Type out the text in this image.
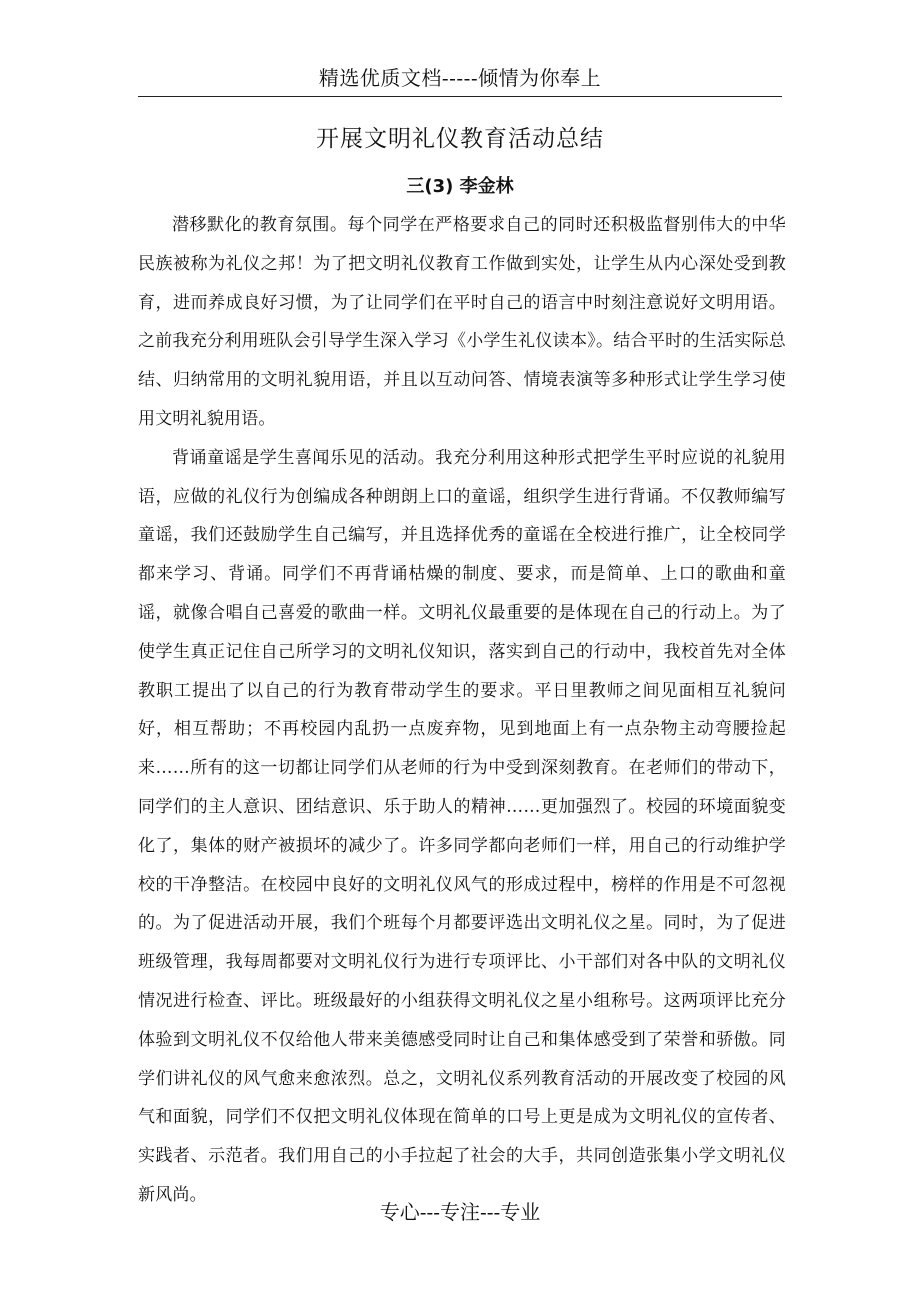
精选优质文档-----倾情为你奉上
开展文明礼仪教育活动总结
三(3) 李金林

潜移默化的教育氛围。每个同学在严格要求自己的同时还积极监督别伟大的中华民族被称为礼仪之邦！为了把文明礼仪教育工作做到实处，让学生从内心深处受到教育，进而养成良好习惯，为了让同学们在平时自己的语言中时刻注意说好文明用语。之前我充分利用班队会引导学生深入学习《小学生礼仪读本》。结合平时的生活实际总结、归纳常用的文明礼貌用语，并且以互动问答、情境表演等多种形式让学生学习使用文明礼貌用语。

背诵童谣是学生喜闻乐见的活动。我充分利用这种形式把学生平时应说的礼貌用语，应做的礼仪行为创编成各种朗朗上口的童谣，组织学生进行背诵。不仅教师编写童谣，我们还鼓励学生自己编写，并且选择优秀的童谣在全校进行推广，让全校同学都来学习、背诵。同学们不再背诵枯燥的制度、要求，而是简单、上口的歌曲和童谣，就像合唱自己喜爱的歌曲一样。文明礼仪最重要的是体现在自己的行动上。为了使学生真正记住自己所学习的文明礼仪知识，落实到自己的行动中，我校首先对全体教职工提出了以自己的行为教育带动学生的要求。平日里教师之间见面相互礼貌问好，相互帮助；不再校园内乱扔一点废弃物，见到地面上有一点杂物主动弯腰捡起来……所有的这一切都让同学们从老师的行为中受到深刻教育。在老师们的带动下，同学们的主人意识、团结意识、乐于助人的精神……更加强烈了。校园的环境面貌变化了，集体的财产被损坏的减少了。许多同学都向老师们一样，用自己的行动维护学校的干净整洁。在校园中良好的文明礼仪风气的形成过程中，榜样的作用是不可忽视的。为了促进活动开展，我们个班每个月都要评选出文明礼仪之星。同时，为了促进班级管理，我每周都要对文明礼仪行为进行专项评比、小干部们对各中队的文明礼仪情况进行检查、评比。班级最好的小组获得文明礼仪之星小组称号。这两项评比充分体验到文明礼仪不仅给他人带来美德感受同时让自己和集体感受到了荣誉和骄傲。同学们讲礼仪的风气愈来愈浓烈。总之，文明礼仪系列教育活动的开展改变了校园的风气和面貌，同学们不仅把文明礼仪体现在简单的口号上更是成为文明礼仪的宣传者、实践者、示范者。我们用自己的小手拉起了社会的大手，共同创造张集小学文明礼仪新风尚。

专心---专注---专业
